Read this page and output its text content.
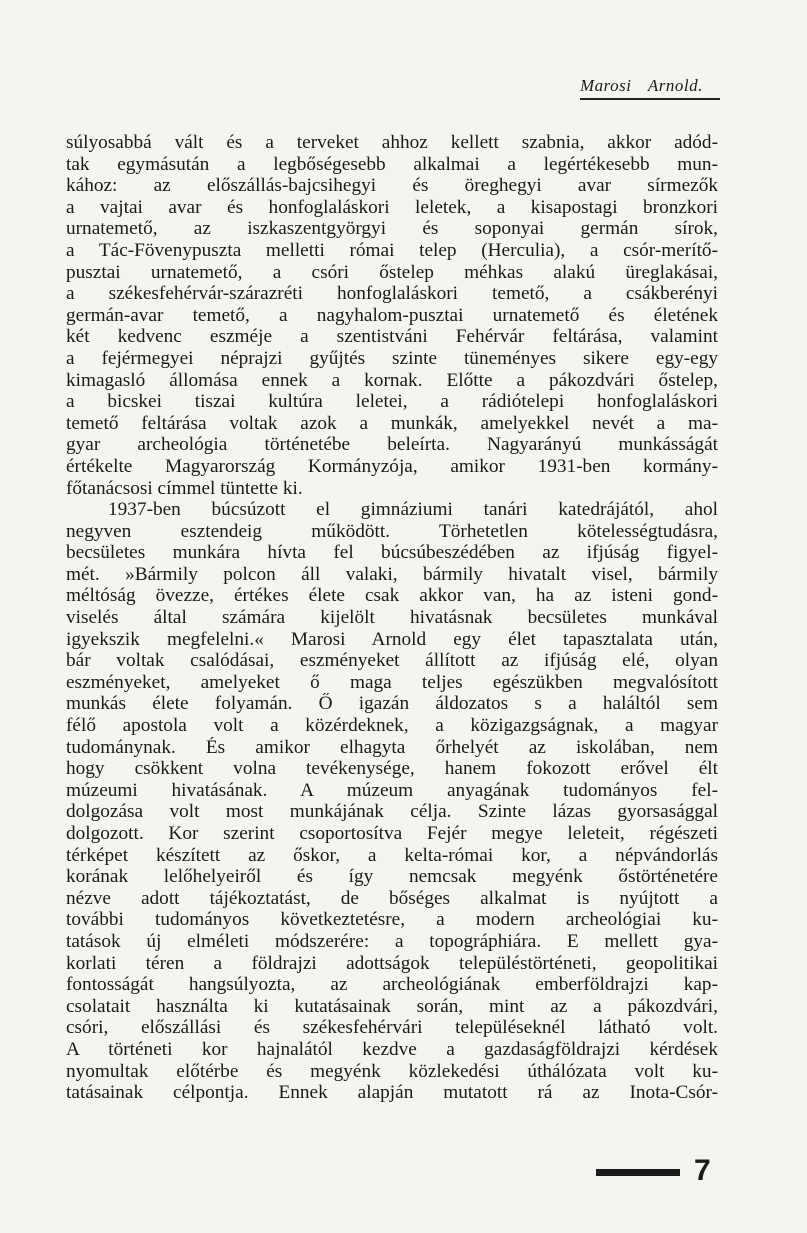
Marosi Arnold.
súlyosabbá vált és a terveket ahhoz kellett szabnia, akkor adód-
tak egymásután a legbőségesebb alkalmai a legértékesebb mun-
kához: az előszállás-bajcsihegyi és öreghegyi avar sírmezők
a vajtai avar és honfoglaláskori leletek, a kisapostagi bronzkori
urnatemető, az iszkaszentgyörgyi és soponyai germán sírok,
a Tác-Fövenypuszta melletti római telep (Herculia), a csór-merítő-
pusztai urnatemető, a csóri őstelep méhkas alakú üreglakásai,
a székesfehérvár-szárazréti honfoglaláskori temető, a csákberényi
germán-avar temető, a nagyhalom-pusztai urnatemető és életének
két kedvenc eszméje a szentistváni Fehérvár feltárása, valamint
a fejérmegyei néprajzi gyűjtés szinte tüneményes sikere egy-egy
kimagasló állomása ennek a kornak. Előtte a pákozdvári őstelep,
a bicskei tiszai kultúra leletei, a rádiótelepi honfoglaláskori
temető feltárása voltak azok a munkák, amelyekkel nevét a ma-
gyar archeológia történetébe beleírta. Nagyarányú munkásságát
értékelte Magyarország Kormányzója, amikor 1931-ben kormány-
főtanácsosi címmel tüntette ki.
1937-ben búcsúzott el gimnáziumi tanári katedrájától, ahol
negyven esztendeig működött. Törhetetlen kötelességtudásra,
becsületes munkára hívta fel búcsúbeszédében az ifjúság figyel-
mét. »Bármily polcon áll valaki, bármily hivatalt visel, bármily
méltóság övezze, értékes élete csak akkor van, ha az isteni gond-
viselés által számára kijelölt hivatásnak becsületes munkával
igyekszik megfelelni.« Marosi Arnold egy élet tapasztalata után,
bár voltak csalódásai, eszményeket állított az ifjúság elé, olyan
eszményeket, amelyeket ő maga teljes egészükben megvalósított
munkás élete folyamán. Ő igazán áldozatos s a haláltól sem
félő apostola volt a közérdeknek, a közigazgságnak, a magyar
tudománynak. És amikor elhagyta őrhelyét az iskolában, nem
hogy csökkent volna tevékenysége, hanem fokozott erővel élt
múzeumi hivatásának. A múzeum anyagának tudományos fel-
dolgozása volt most munkájának célja. Szinte lázas gyorsasággal
dolgozott. Kor szerint csoportosítva Fejér megye leleteit, régészeti
térképet készített az őskor, a kelta-római kor, a népvándorlás
korának lelőhelyeiről és így nemcsak megyénk őstörténetére
nézve adott tájékoztatást, de bőséges alkalmat is nyújtott a
további tudományos következtetésre, a modern archeológiai ku-
tatások új elméleti módszerére: a topográphiára. E mellett gya-
korlati téren a földrajzi adottságok településtörténeti, geopolitikai
fontosságát hangsúlyozta, az archeológiának emberföldrajzi kap-
csolatait használta ki kutatásainak során, mint az a pákozdvári,
csóri, előszállási és székesfehérvári településeknél látható volt.
A történeti kor hajnalától kezdve a gazdaságföldrajzi kérdések
nyomultak előtérbe és megyénk közlekedési úthálózata volt ku-
tatásainak célpontja. Ennek alapján mutatott rá az Inota-Csór-
7
